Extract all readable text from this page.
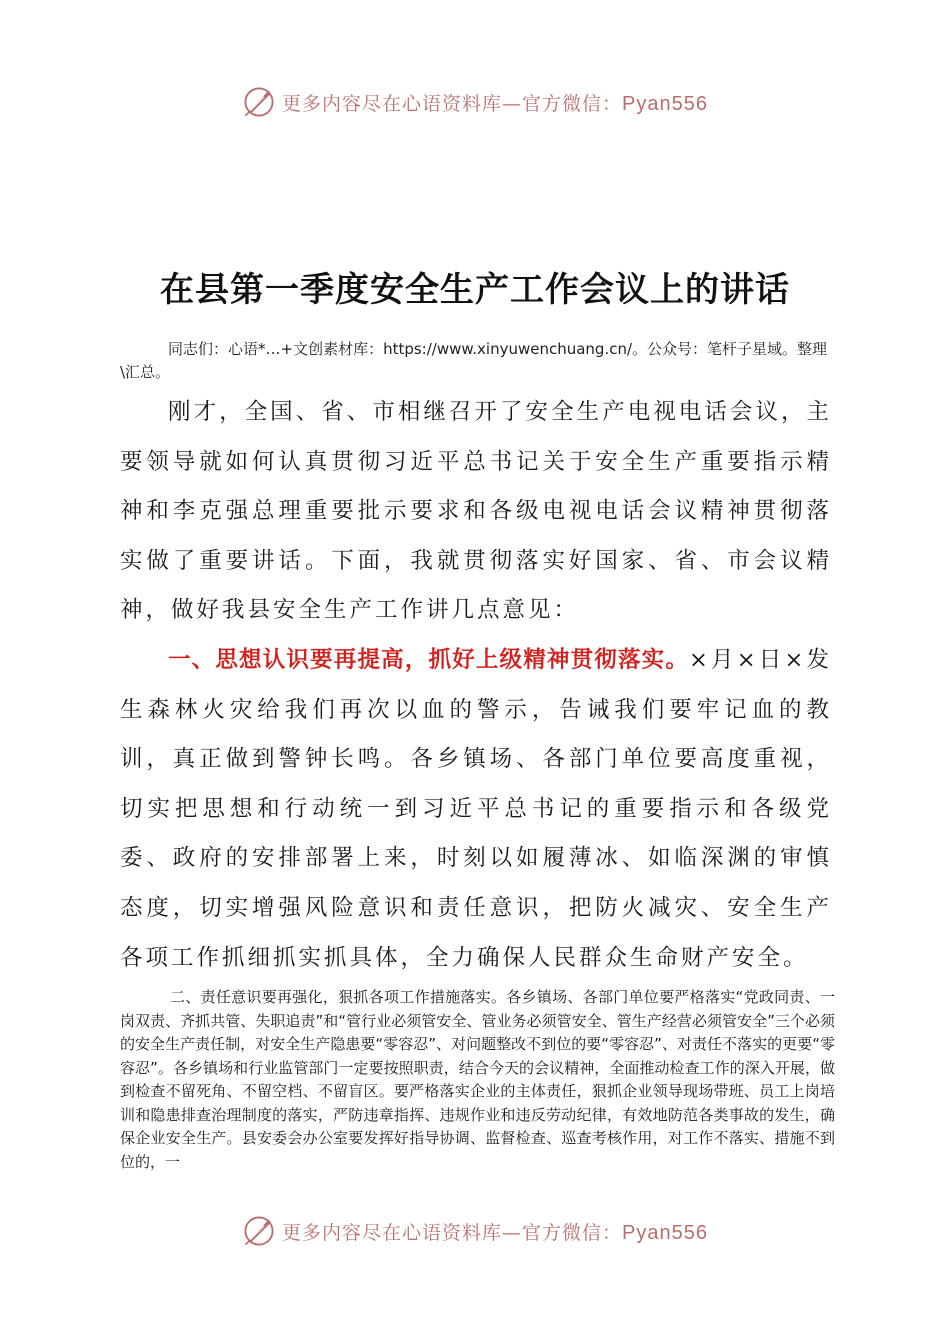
更多内容尽在心语资料库—官方微信：Pyan556
在县第一季度安全生产工作会议上的讲话

同志们：心语*…+文创素材库：https://www.xinyuwenchuang.cn/。公众号：笔杆子星域。整理\汇总。

刚才，全国、省、市相继召开了安全生产电视电话会议，主要领导就如何认真贯彻习近平总书记关于安全生产重要指示精神和李克强总理重要批示要求和各级电视电话会议精神贯彻落实做了重要讲话。下面，我就贯彻落实好国家、省、市会议精神，做好我县安全生产工作讲几点意见：

一、思想认识要再提高，抓好上级精神贯彻落实。×月×日×发生森林火灾给我们再次以血的警示，告诫我们要牢记血的教训，真正做到警钟长鸣。各乡镇场、各部门单位要高度重视，切实把思想和行动统一到习近平总书记的重要指示和各级党委、政府的安排部署上来，时刻以如履薄冰、如临深渊的审慎态度，切实增强风险意识和责任意识，把防火减灾、安全生产各项工作抓细抓实抓具体，全力确保人民群众生命财产安全。

二、责任意识要再强化，狠抓各项工作措施落实。各乡镇场、各部门单位要严格落实“党政同责、一岗双责、齐抓共管、失职追责”和“管行业必须管安全、管业务必须管安全、管生产经营必须管安全”三个必须的安全生产责任制，对安全生产隐患要“零容忍”、对问题整改不到位的要“零容忍”、对责任不落实的更要“零容忍”。各乡镇场和行业监管部门一定要按照职责，结合今天的会议精神，全面推动检查工作的深入开展，做到检查不留死角、不留空档、不留盲区。要严格落实企业的主体责任，狠抓企业领导现场带班、员工上岗培训和隐患排查治理制度的落实，严防违章指挥、违规作业和违反劳动纪律，有效地防范各类事故的发生，确保企业安全生产。县安委会办公室要发挥好指导协调、监督检查、巡查考核作用，对工作不落实、措施不到位的，一

更多内容尽在心语资料库—官方微信：Pyan556
